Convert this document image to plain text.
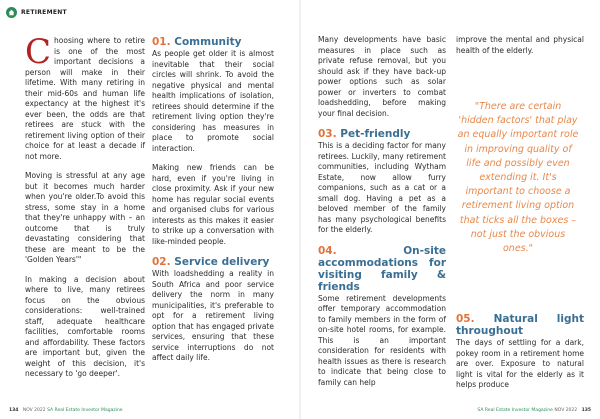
RETIREMENT

Choosing where to retire is one of the most important decisions a person will make in their lifetime. With many retiring in their mid-60s and human life expectancy at the highest it's ever been, the odds are that retirees are stuck with the retirement living option of their choice for at least a decade if not more.

Moving is stressful at any age but it becomes much harder when you're older.To avoid this stress, some stay in a home that they're unhappy with – an outcome that is truly devastating considering that these are meant to be the 'Golden Years'"

In making a decision about where to live, many retirees focus on the obvious considerations: well-trained staff, adequate healthcare facilities, comfortable rooms and affordability. These factors are important but, given the weight of this decision, it's necessary to 'go deeper'.

01. Community

As people get older it is almost inevitable that their social circles will shrink. To avoid the negative physical and mental health implications of isolation, retirees should determine if the retirement living option they're considering has measures in place to promote social interaction.

Making new friends can be hard, even if you're living in close proximity. Ask if your new home has regular social events and organised clubs for various interests as this makes it easier to strike up a conversation with like-minded people.

02. Service delivery

With loadshedding a reality in South Africa and poor service delivery the norm in many municipalities, it's preferable to opt for a retirement living option that has engaged private services, ensuring that these service interruptions do not affect daily life.

Many developments have basic measures in place such as private refuse removal, but you should ask if they have back-up power options such as solar power or inverters to combat loadshedding, before making your final decision.

03. Pet-friendly

This is a deciding factor for many retirees. Luckily, many retirement communities, including Wytham Estate, now allow furry companions, such as a cat or a small dog. Having a pet as a beloved member of the family has many psychological benefits for the elderly.

04.	On-site accommodations for visiting family & friends

Some retirement developments offer temporary accommodation to family members in the form of on-site hotel rooms, for example. This is an important consideration for residents with health issues as there is research to indicate that being close to family can help

improve the mental and physical health of the elderly.

"There are certain 'hidden factors' that play an equally important role in improving quality of life and possibly even extending it. It's important to choose a retirement living option that ticks all the boxes – not just the obvious ones."
05. Natural light throughout

The days of settling for a dark, pokey room in a retirement home are over. Exposure to natural light is vital for the elderly as it helps produce

134 NOV 2022 SA Real Estate Investor Magazine	SA Real Estate Investor Magazine NOV 2022 135
